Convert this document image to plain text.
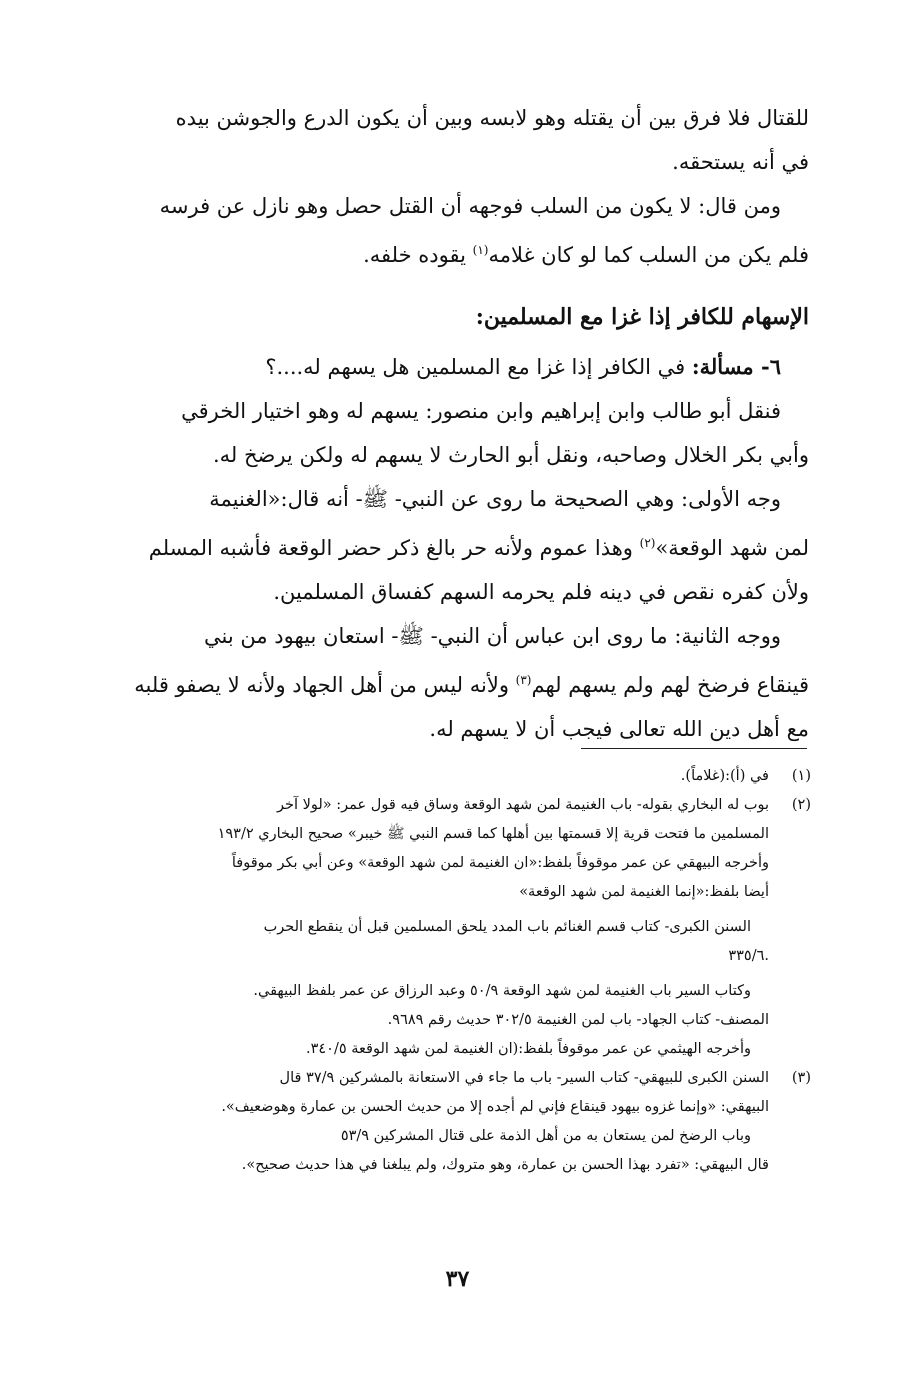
للقتال فلا فرق بين أن يقتله وهو لابسه وبين أن يكون الدرع والجوشن بيده

في أنه يستحقه.

ومن قال: لا يكون من السلب فوجهه أن القتل حصل وهو نازل عن فرسه

فلم يكن من السلب كما لو كان غلامه$^{(١)}$ يقوده خلفه.

الإسهام للكافر إذا غزا مع المسلمين:

٦- مسألة: في الكافر إذا غزا مع المسلمين هل يسهم له....؟

فنقل أبو طالب وابن إبراهيم وابن منصور: يسهم له وهو اختيار الخرقي

وأبي بكر الخلال وصاحبه، ونقل أبو الحارث لا يسهم له ولكن يرضخ له.

وجه الأولى: وهي الصحيحة ما روى عن النبي- ﷺ- أنه قال:«الغنيمة

لمن شهد الوقعة»$^{(٢)}$ وهذا عموم ولأنه حر بالغ ذكر حضر الوقعة فأشبه المسلم

ولأن كفره نقص في دينه فلم يحرمه السهم كفساق المسلمين.

ووجه الثانية: ما روى ابن عباس أن النبي- ﷺ- استعان بيهود من بني

قينقاع فرضخ لهم ولم يسهم لهم$^{(٣)}$ ولأنه ليس من أهل الجهاد ولأنه لا يصفو قلبه

مع أهل دين الله تعالى فيجب أن لا يسهم له.

(١)
في (أ):(غلاماً).
(٢)
بوب له البخاري بقوله- باب الغنيمة لمن شهد الوقعة وساق فيه قول عمر: «لولا آخر
المسلمين ما فتحت قرية إلا قسمتها بين أهلها كما قسم النبي ﷺ خيبر» صحيح البخاري ١٩٣/٢
وأخرجه البيهقي عن عمر موقوفاً بلفظ:«ان الغنيمة لمن شهد الوقعة» وعن أبي بكر موقوفاً
أيضا بلفظ:«إنما الغنيمة لمن شهد الوقعة»
السنن الكبرى- كتاب قسم الغنائم باب المدد يلحق المسلمين قبل أن ينقطع الحرب
.٣٣٥/٦
وكتاب السير باب الغنيمة لمن شهد الوقعة ٥٠/٩ وعبد الرزاق عن عمر بلفظ البيهقي.
المصنف- كتاب الجهاد- باب لمن الغنيمة ٣٠٢/٥ حديث رقم ٩٦٨٩.
وأخرجه الهيثمي عن عمر موقوفاً بلفظ:(ان الغنيمة لمن شهد الوقعة ٣٤٠/٥.
(٣)
السنن الكبرى للبيهقي- كتاب السير- باب ما جاء في الاستعانة بالمشركين ٣٧/٩ قال
البيهقي: «وإنما غزوه بيهود قينقاع فإني لم أجده إلا من حديث الحسن بن عمارة وهوضعيف».
وباب الرضخ لمن يستعان به من أهل الذمة على قتال المشركين ٥٣/٩
قال البيهقي: «تفرد بهذا الحسن بن عمارة، وهو متروك، ولم يبلغنا في هذا حديث صحيح».
٣٧
